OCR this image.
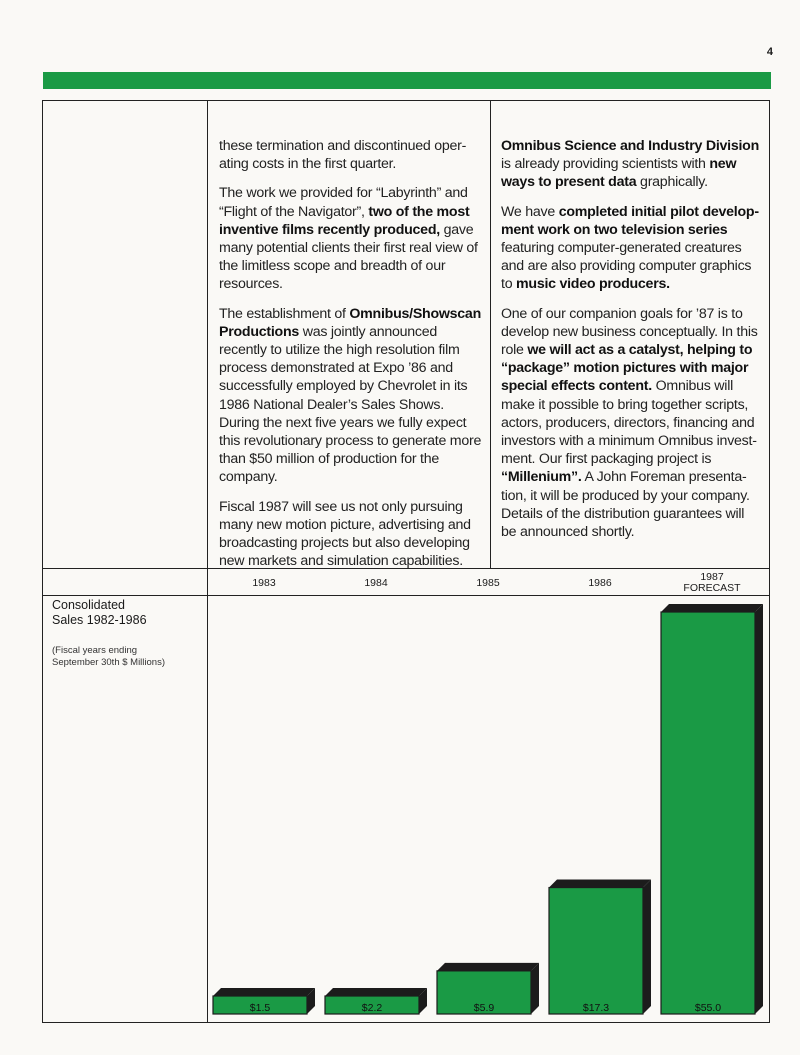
4

these termination and discontinued oper-ating costs in the first quarter.

The work we provided for “Labyrinth” and “Flight of the Navigator”, two of the most inventive films recently produced, gave many potential clients their first real view of the limitless scope and breadth of our resources.

The establishment of Omnibus/Showscan Productions was jointly announced recently to utilize the high resolution film process demonstrated at Expo ’86 and successfully employed by Chevrolet in its 1986 National Dealer’s Sales Shows. During the next five years we fully expect this revolutionary process to generate more than $50 million of production for the company.

Fiscal 1987 will see us not only pursuing many new motion picture, advertising and broadcasting projects but also developing new markets and simulation capabilities.

Omnibus Science and Industry Division is already providing scientists with new ways to present data graphically.

We have completed initial pilot develop-ment work on two television series featuring computer-generated creatures and are also providing computer graphics to music video producers.

One of our companion goals for ’87 is to develop new business conceptually. In this role we will act as a catalyst, helping to “package” motion pictures with major special effects content. Omnibus will make it possible to bring together scripts, actors, producers, directors, financing and investors with a minimum Omnibus invest-ment. Our first packaging project is “Millenium”. A John Foreman presenta-tion, it will be produced by your company. Details of the distribution guarantees will be announced shortly.

Consolidated
Sales 1982-1986
(Fiscal years ending
September 30th $ Millions)
1983	1984	1985	1986	1987
FORECAST
$1.5	$2.2	$5.9	$17.3	$55.0
